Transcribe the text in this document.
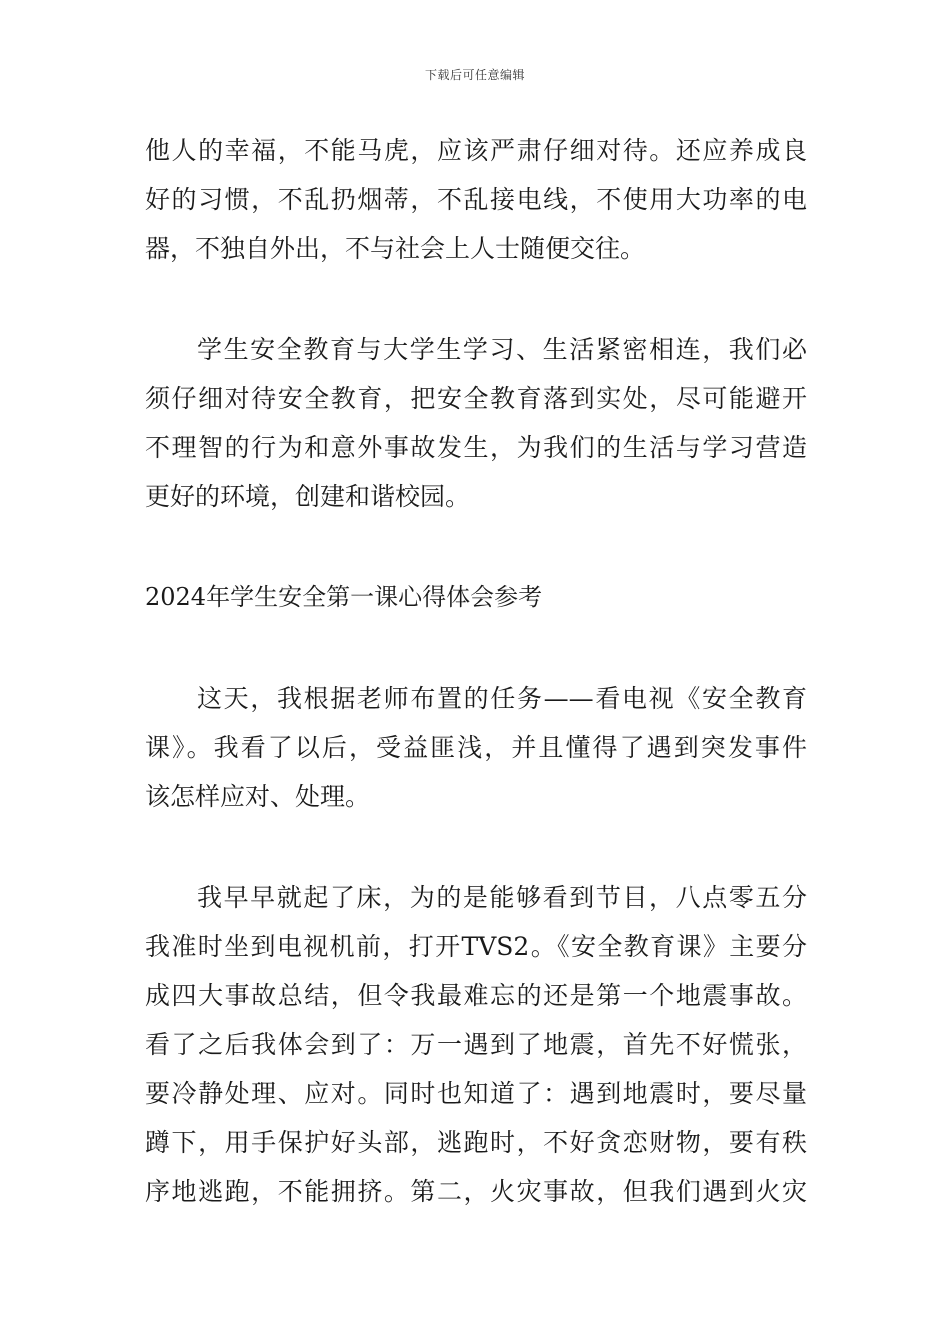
下载后可任意编辑

他人的幸福，不能马虎，应该严肃仔细对待。还应养成良
好的习惯，不乱扔烟蒂，不乱接电线，不使用大功率的电
器，不独自外出，不与社会上人士随便交往。

学生安全教育与大学生学习、生活紧密相连，我们必
须仔细对待安全教育，把安全教育落到实处，尽可能避开
不理智的行为和意外事故发生，为我们的生活与学习营造
更好的环境，创建和谐校园。

2024年学生安全第一课心得体会参考

这天，我根据老师布置的任务——看电视《安全教育
课》。我看了以后，受益匪浅，并且懂得了遇到突发事件
该怎样应对、处理。

我早早就起了床，为的是能够看到节目，八点零五分
我准时坐到电视机前，打开TVS2。《安全教育课》主要分
成四大事故总结，但令我最难忘的还是第一个地震事故。
看了之后我体会到了：万一遇到了地震，首先不好慌张，
要冷静处理、应对。同时也知道了：遇到地震时，要尽量
蹲下，用手保护好头部，逃跑时，不好贪恋财物，要有秩
序地逃跑，不能拥挤。第二，火灾事故，但我们遇到火灾
